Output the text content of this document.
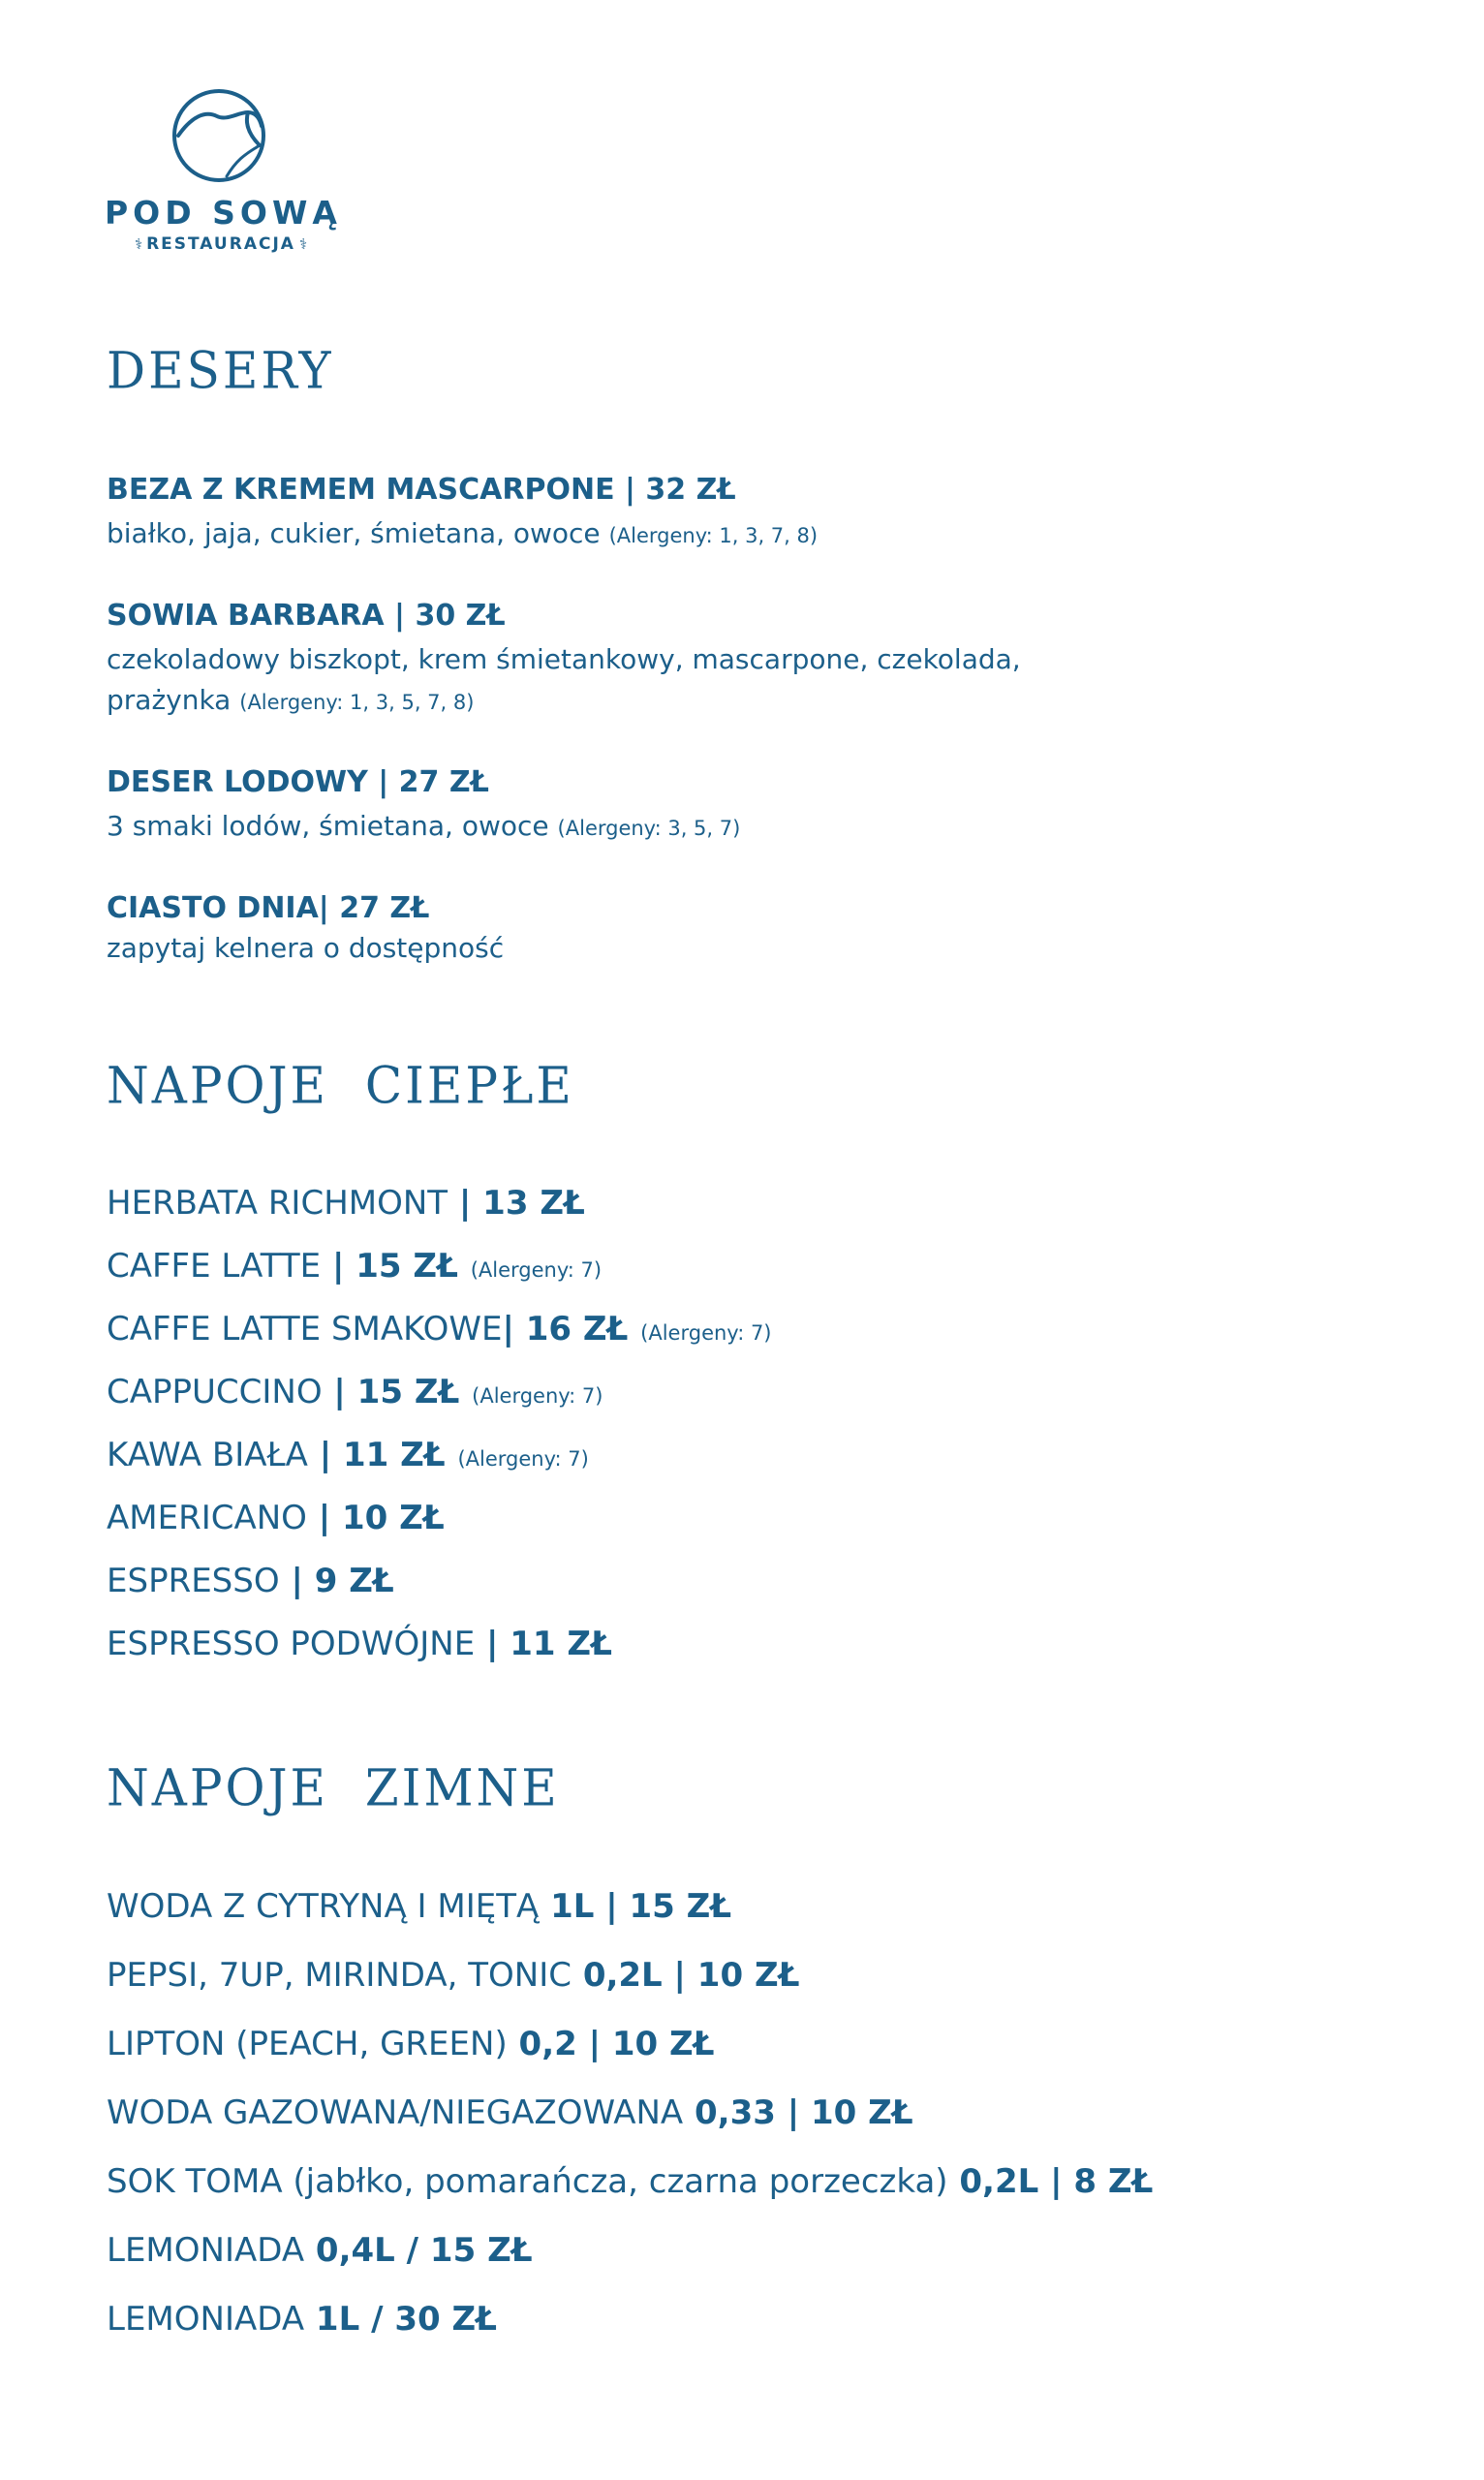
POD SOWĄ
⚕ RESTAURACJA ⚕
DESERY
BEZA Z KREMEM MASCARPONE | 32 ZŁ
białko, jaja, cukier, śmietana, owoce (Alergeny: 1, 3, 7, 8)
SOWIA BARBARA | 30 ZŁ
czekoladowy biszkopt, krem śmietankowy, mascarpone, czekolada, prażynka (Alergeny: 1, 3, 5, 7, 8)
DESER LODOWY | 27 ZŁ
3 smaki lodów, śmietana, owoce (Alergeny: 3, 5, 7)
CIASTO DNIA| 27 ZŁ
zapytaj kelnera o dostępność
NAPOJE  CIEPŁE
HERBATA RICHMONT | 13 ZŁ
CAFFE LATTE | 15 ZŁ (Alergeny: 7)
CAFFE LATTE SMAKOWE| 16 ZŁ (Alergeny: 7)
CAPPUCCINO | 15 ZŁ (Alergeny: 7)
KAWA BIAŁA | 11 ZŁ (Alergeny: 7)
AMERICANO | 10 ZŁ
ESPRESSO | 9 ZŁ
ESPRESSO PODWÓJNE | 11 ZŁ
NAPOJE  ZIMNE
WODA Z CYTRYNĄ I MIĘTĄ 1L | 15 ZŁ
PEPSI, 7UP, MIRINDA, TONIC 0,2L | 10 ZŁ
LIPTON (PEACH, GREEN) 0,2 | 10 ZŁ
WODA GAZOWANA/NIEGAZOWANA 0,33 | 10 ZŁ
SOK TOMA (jabłko, pomarańcza, czarna porzeczka) 0,2L | 8 ZŁ
LEMONIADA 0,4L / 15 ZŁ
LEMONIADA 1L / 30 ZŁ
